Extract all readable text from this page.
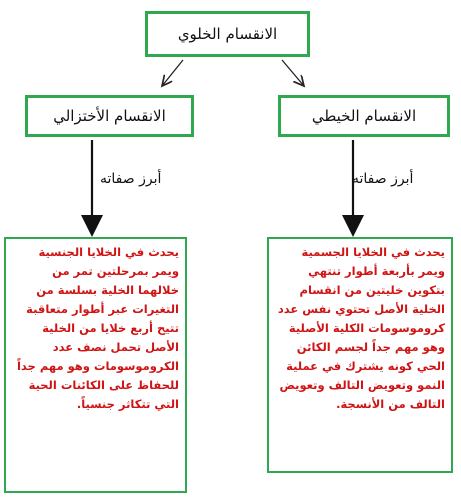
الانقسام الخلوي
الانقسام الخيطي
الانقسام الأختزالي
أبرز صفاته
أبرز صفاته
يحدث في الخلايا الجسمية ويمر بأربعة أطوار تنتهي بتكوين خليتين من انقسام الخلية الأصل تحتوي نفس عدد كروموسومات الكلية الأصلية وهو مهم جداً لجسم الكائن الحي كونه يشترك في عملية النمو وتعويض التالف وتعويض التالف من الأنسجة.
يحدث في الخلايا الجنسية ويمر بمرحلتين تمر من خلالهما الخلية بسلسة من التغيرات عبر أطوار متعاقبة تتيح أربع خلايا من الخلية الأصل تحمل نصف عدد الكروموسومات وهو مهم جداً للحفاظ على الكائنات الحية التي تتكاثر جنسياً.
